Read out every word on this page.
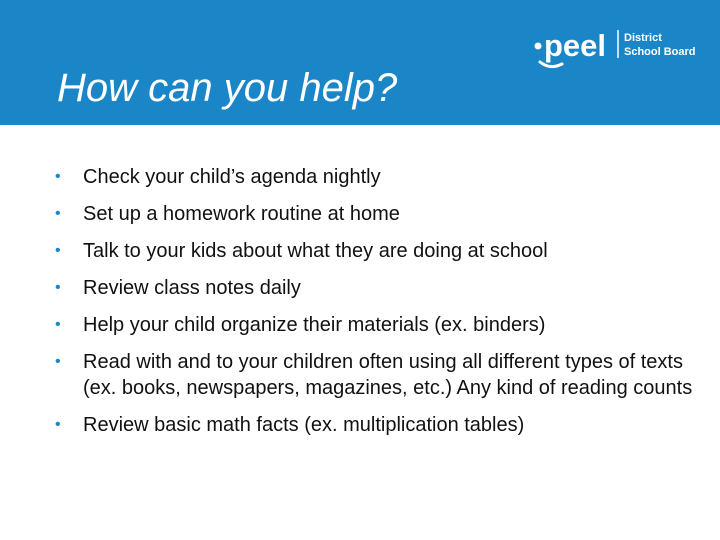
How can you help?
peel District
School Board
•	Check your child’s agenda nightly
•	Set up a homework routine at home
•	Talk to your kids about what they are doing at school
•	Review class notes daily
•	Help your child organize their materials (ex. binders)
•	Read with and to your children often using all different types of texts (ex. books, newspapers, magazines, etc.) Any kind of reading counts
•	Review basic math facts (ex. multiplication tables)
